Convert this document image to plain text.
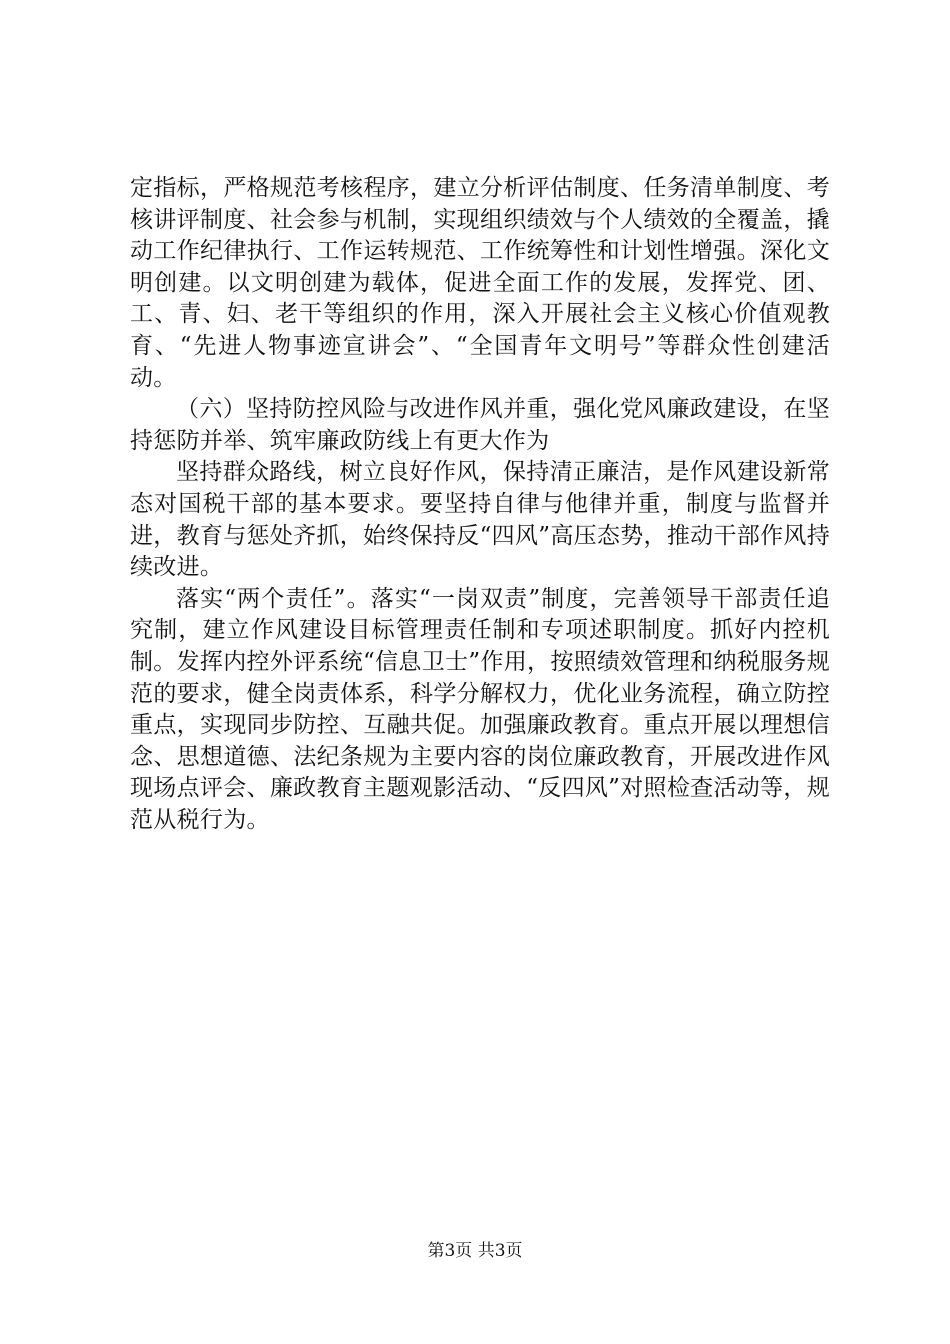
定指标，严格规范考核程序，建立分析评估制度、任务清单制度、考核讲评制度、社会参与机制，实现组织绩效与个人绩效的全覆盖，撬动工作纪律执行、工作运转规范、工作统筹性和计划性增强。深化文明创建。以文明创建为载体，促进全面工作的发展，发挥党、团、工、青、妇、老干等组织的作用，深入开展社会主义核心价值观教育、“先进人物事迹宣讲会”、“全国青年文明号”等群众性创建活动。

（六）坚持防控风险与改进作风并重，强化党风廉政建设，在坚持惩防并举、筑牢廉政防线上有更大作为

坚持群众路线，树立良好作风，保持清正廉洁，是作风建设新常态对国税干部的基本要求。要坚持自律与他律并重，制度与监督并进，教育与惩处齐抓，始终保持反“四风”高压态势，推动干部作风持续改进。

落实“两个责任”。落实“一岗双责”制度，完善领导干部责任追究制，建立作风建设目标管理责任制和专项述职制度。抓好内控机制。发挥内控外评系统“信息卫士”作用，按照绩效管理和纳税服务规范的要求，健全岗责体系，科学分解权力，优化业务流程，确立防控重点，实现同步防控、互融共促。加强廉政教育。重点开展以理想信念、思想道德、法纪条规为主要内容的岗位廉政教育，开展改进作风现场点评会、廉政教育主题观影活动、“反四风”对照检查活动等，规范从税行为。

第3页 共3页
